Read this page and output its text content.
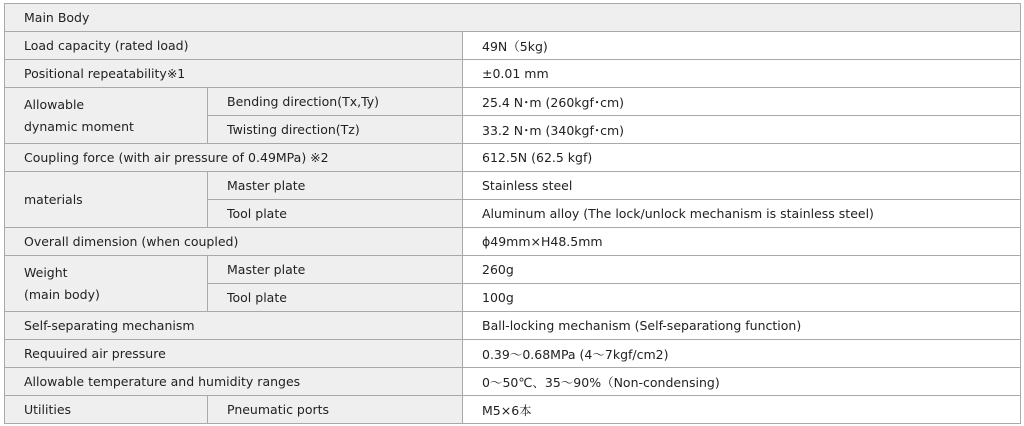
Main Body		
Load capacity (rated load)		49N（5kg)
Positional repeatability※1		±0.01 mm

Allowable
dynamic moment	Bending direction(Tx,Ty)	25.4 N･m (260kgf･cm)
	Twisting direction(Tz)	33.2 N･m (340kgf･cm)
Coupling force (with air pressure of 0.49MPa) ※2		612.5N (62.5 kgf)
materials	Master plate	Stainless steel
	Tool plate	Aluminum alloy (The lock/unlock mechanism is stainless steel)
Overall dimension (when coupled)		ϕ49mm×H48.5mm

Weight
(main body)	Master plate	260g
	Tool plate	100g
Self-separating mechanism		Ball-locking mechanism (Self-separationg function)
Requuired air pressure		0.39～0.68MPa (4～7kgf/cm2)
Allowable temperature and humidity ranges		0～50℃、35～90%（Non-condensing)
Utilities	Pneumatic ports	M5×6本
